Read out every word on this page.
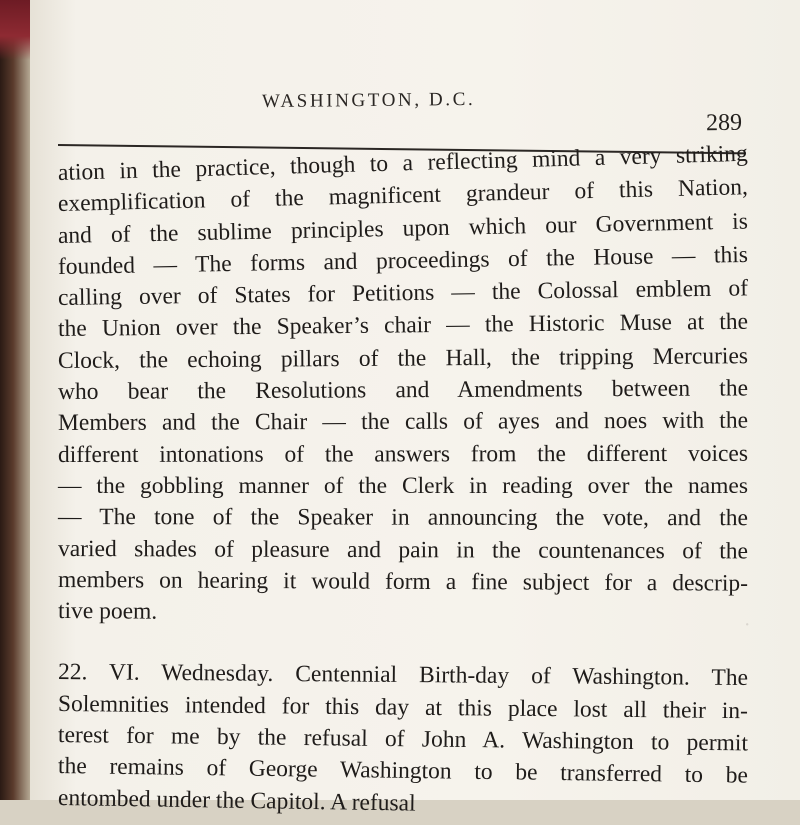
WASHINGTON, D.C.
289
·
ation in the practice, though to a reflecting mind a very striking
exemplification of the magnificent grandeur of this Nation,
and of the sublime principles upon which our Government is
founded — The forms and proceedings of the House — this
calling over of States for Petitions — the Colossal emblem of
the Union over the Speaker’s chair — the Historic Muse at the
Clock, the echoing pillars of the Hall, the tripping Mercuries
who bear the Resolutions and Amendments between the
Members and the Chair — the calls of ayes and noes with the
different intonations of the answers from the different voices
— the gobbling manner of the Clerk in reading over the names
— The tone of the Speaker in announcing the vote, and the
varied shades of pleasure and pain in the countenances of the
members on hearing it would form a fine subject for a descrip-
tive poem.
22. VI. Wednesday. Centennial Birth-day of Washington. The
Solemnities intended for this day at this place lost all their in-
terest for me by the refusal of John A. Washington to permit
the remains of George Washington to be transferred to be
entombed under the Capitol. A refusal
